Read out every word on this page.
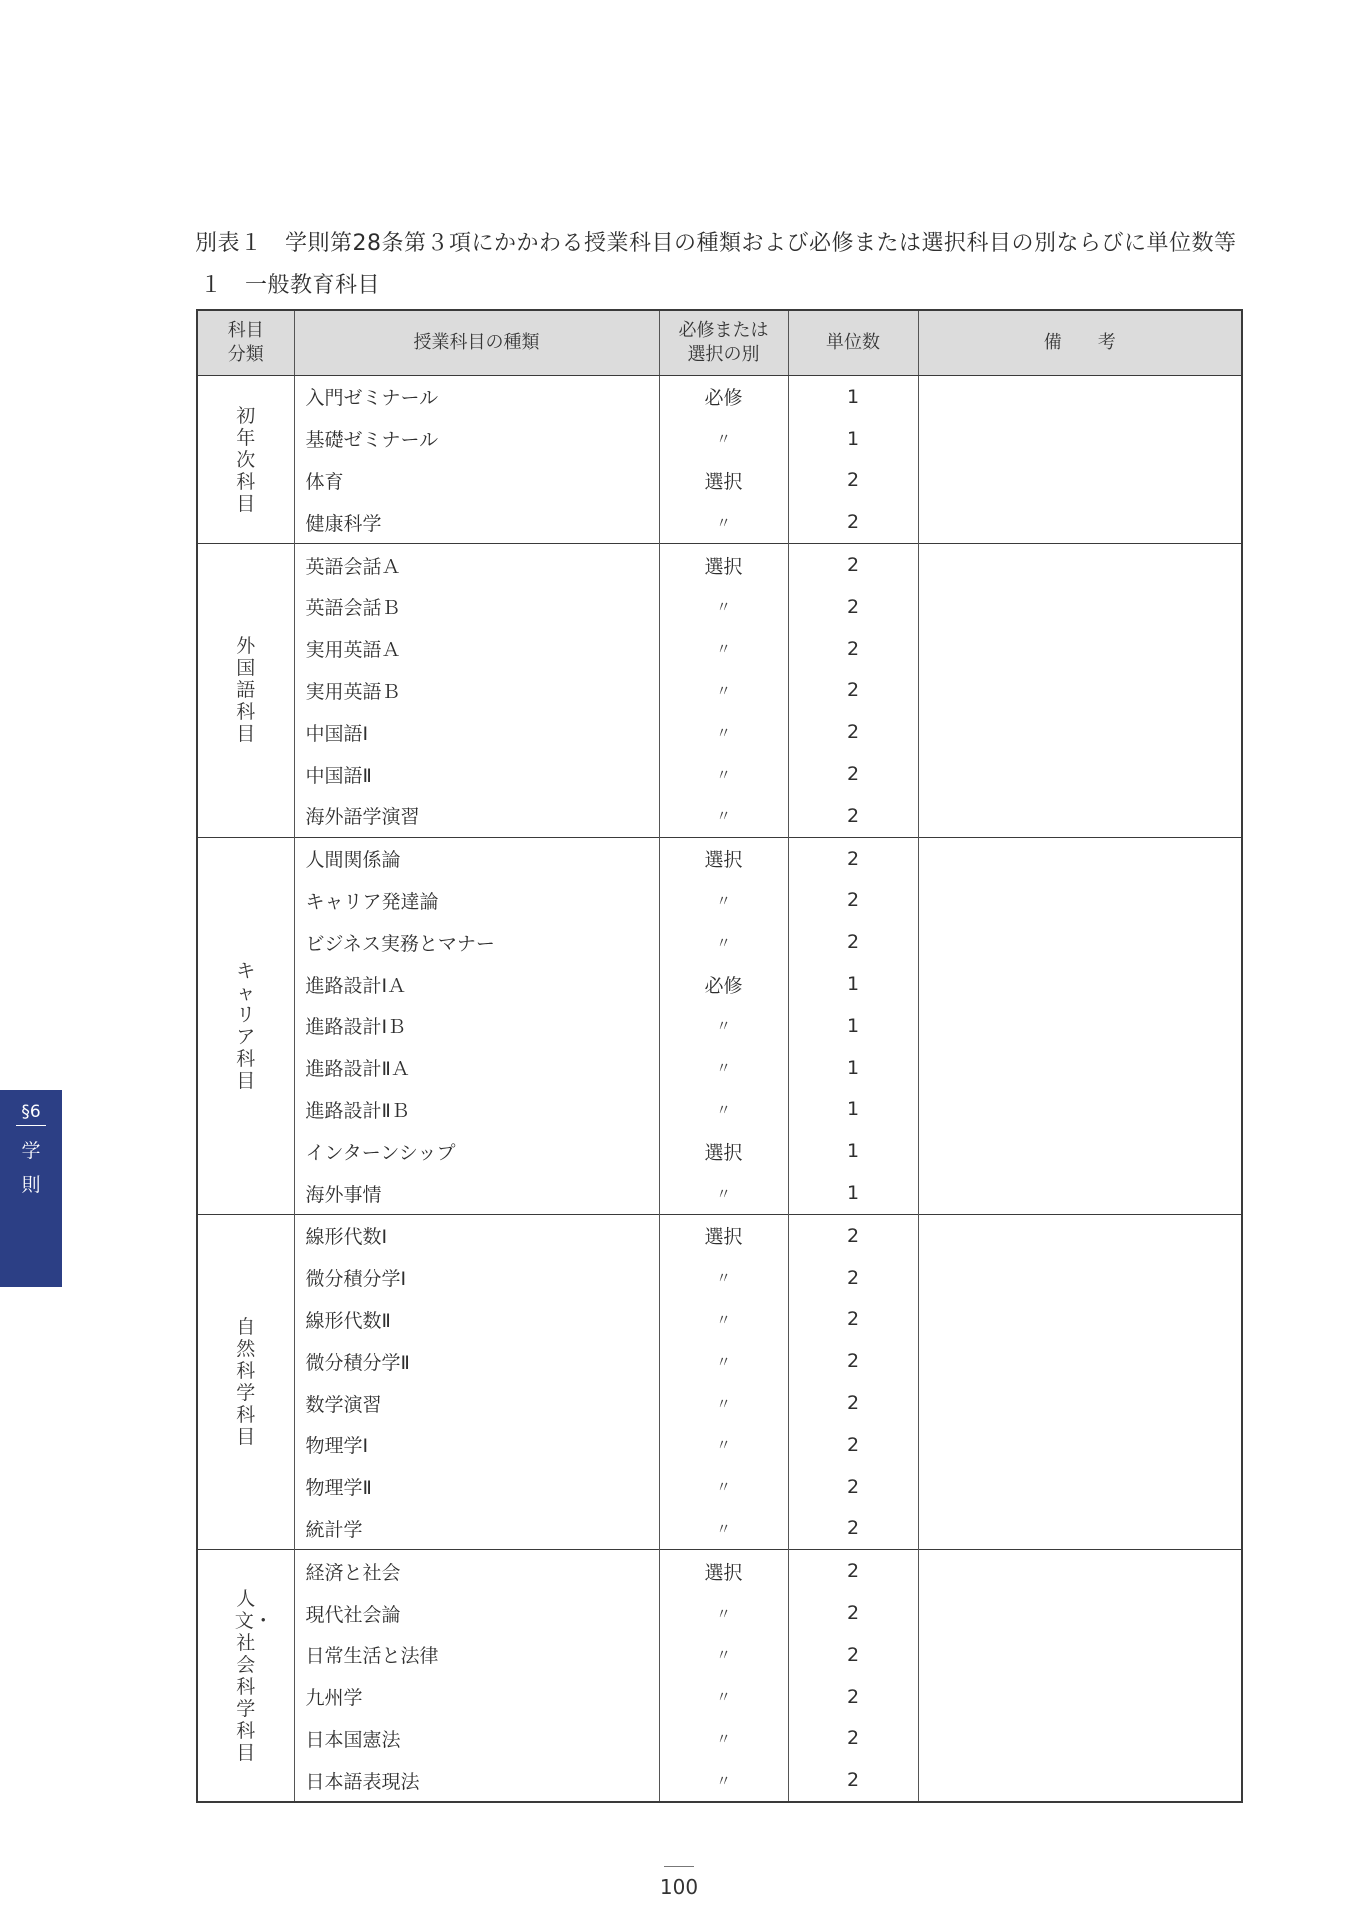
別表１　学則第28条第３項にかかわる授業科目の種類および必修または選択科目の別ならびに単位数等
１　一般教育科目
科目
分類	授業科目の種類	必修または
選択の別	単位数	備　　考
初年次科目	入門ゼミナール	必修	1	
	基礎ゼミナール	〃	1	
	体育	選択	2	
	健康科学	〃	2	
外国語科目	英語会話Ａ	選択	2	
	英語会話Ｂ	〃	2	
	実用英語Ａ	〃	2	
	実用英語Ｂ	〃	2	
	中国語Ⅰ	〃	2	
	中国語Ⅱ	〃	2	
	海外語学演習	〃	2	
キャリア科目	人間関係論	選択	2	
	キャリア発達論	〃	2	
	ビジネス実務とマナー	〃	2	
	進路設計ⅠＡ	必修	1	
	進路設計ⅠＢ	〃	1	
	進路設計ⅡＡ	〃	1	
	進路設計ⅡＢ	〃	1	
	インターンシップ	選択	1	
	海外事情	〃	1	
自然科学科目	線形代数Ⅰ	選択	2	
	微分積分学Ⅰ	〃	2	
	線形代数Ⅱ	〃	2	
	微分積分学Ⅱ	〃	2	
	数学演習	〃	2	
	物理学Ⅰ	〃	2	
	物理学Ⅱ	〃	2	
	統計学	〃	2	
人文・社会科学科目	経済と社会	選択	2	
	現代社会論	〃	2	
	日常生活と法律	〃	2	
	九州学	〃	2	
	日本国憲法	〃	2	
	日本語表現法	〃	2	
§6
学則
100
